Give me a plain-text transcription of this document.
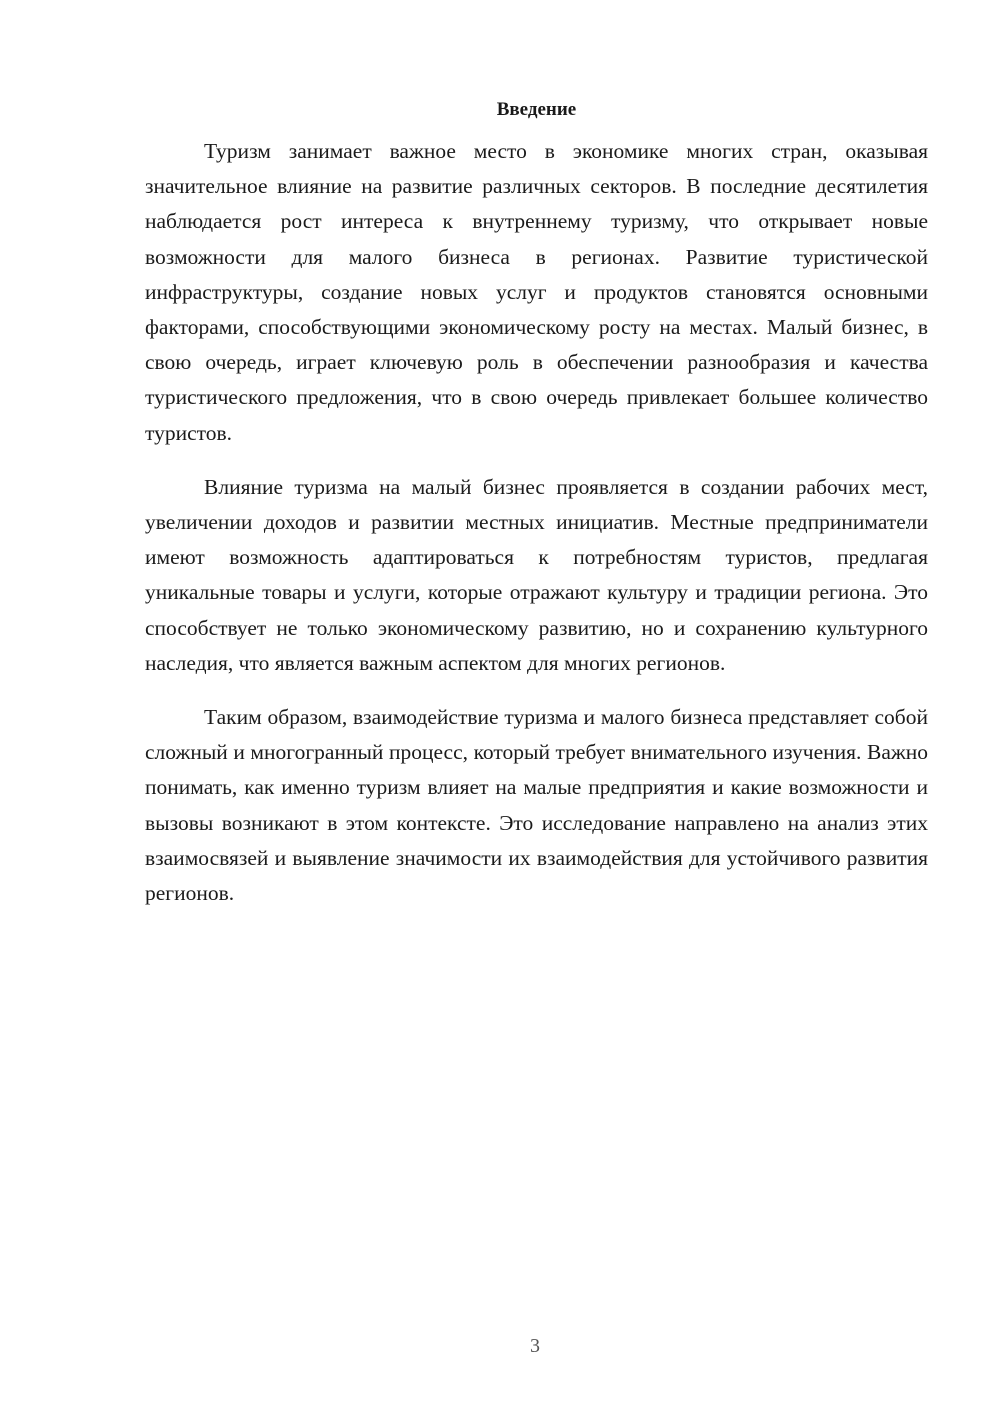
Введение

Туризм занимает важное место в экономике многих стран, оказывая значительное влияние на развитие различных секторов. В последние десятилетия наблюдается рост интереса к внутреннему туризму, что открывает новые возможности для малого бизнеса в регионах. Развитие туристической инфраструктуры, создание новых услуг и продуктов становятся основными факторами, способствующими экономическому росту на местах. Малый бизнес, в свою очередь, играет ключевую роль в обеспечении разнообразия и качества туристического предложения, что в свою очередь привлекает большее количество туристов.

Влияние туризма на малый бизнес проявляется в создании рабочих мест, увеличении доходов и развитии местных инициатив. Местные предприниматели имеют возможность адаптироваться к потребностям туристов, предлагая уникальные товары и услуги, которые отражают культуру и традиции региона. Это способствует не только экономическому развитию, но и сохранению культурного наследия, что является важным аспектом для многих регионов.

Таким образом, взаимодействие туризма и малого бизнеса представляет собой сложный и многогранный процесс, который требует внимательного изучения. Важно понимать, как именно туризм влияет на малые предприятия и какие возможности и вызовы возникают в этом контексте. Это исследование направлено на анализ этих взаимосвязей и выявление значимости их взаимодействия для устойчивого развития регионов.

3
